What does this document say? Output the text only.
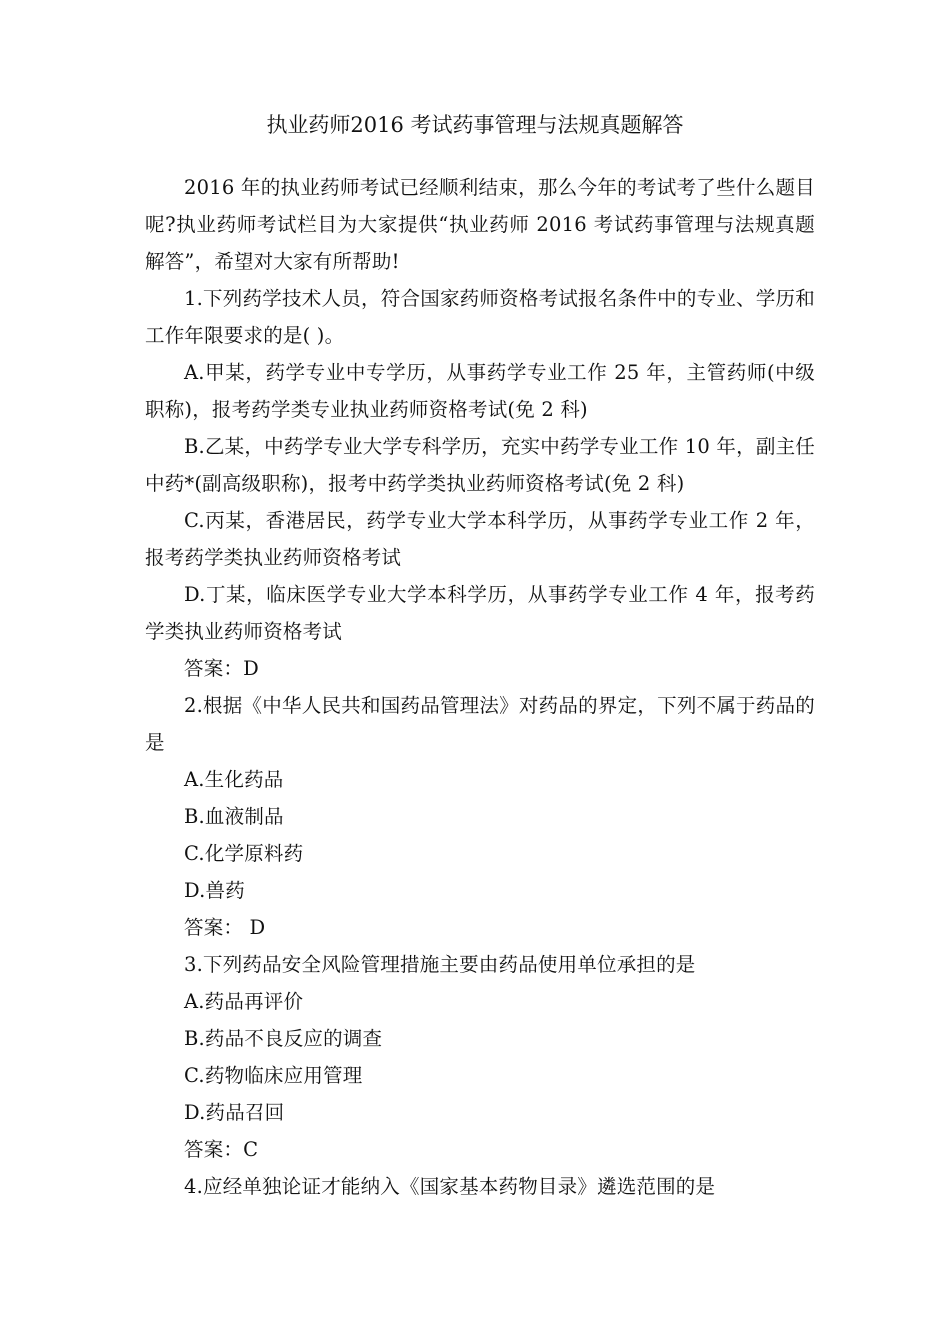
执业药师2016 考试药事管理与法规真题解答

2016 年的执业药师考试已经顺利结束，那么今年的考试考了些什么题目呢?执业药师考试栏目为大家提供“执业药师 2016 考试药事管理与法规真题解答”，希望对大家有所帮助!

1.下列药学技术人员，符合国家药师资格考试报名条件中的专业、学历和工作年限要求的是( )。

A.甲某，药学专业中专学历，从事药学专业工作 25 年，主管药师(中级职称)，报考药学类专业执业药师资格考试(免 2 科)

B.乙某，中药学专业大学专科学历，充实中药学专业工作 10 年，副主任中药*(副高级职称)，报考中药学类执业药师资格考试(免 2 科)

C.丙某，香港居民，药学专业大学本科学历，从事药学专业工作 2 年，报考药学类执业药师资格考试

D.丁某，临床医学专业大学本科学历，从事药学专业工作 4 年，报考药学类执业药师资格考试

答案：D

2.根据《中华人民共和国药品管理法》对药品的界定，下列不属于药品的是

A.生化药品

B.血液制品

C.化学原料药

D.兽药

答案： D

3.下列药品安全风险管理措施主要由药品使用单位承担的是

A.药品再评价

B.药品不良反应的调查

C.药物临床应用管理

D.药品召回

答案：C

4.应经单独论证才能纳入《国家基本药物目录》遴选范围的是
